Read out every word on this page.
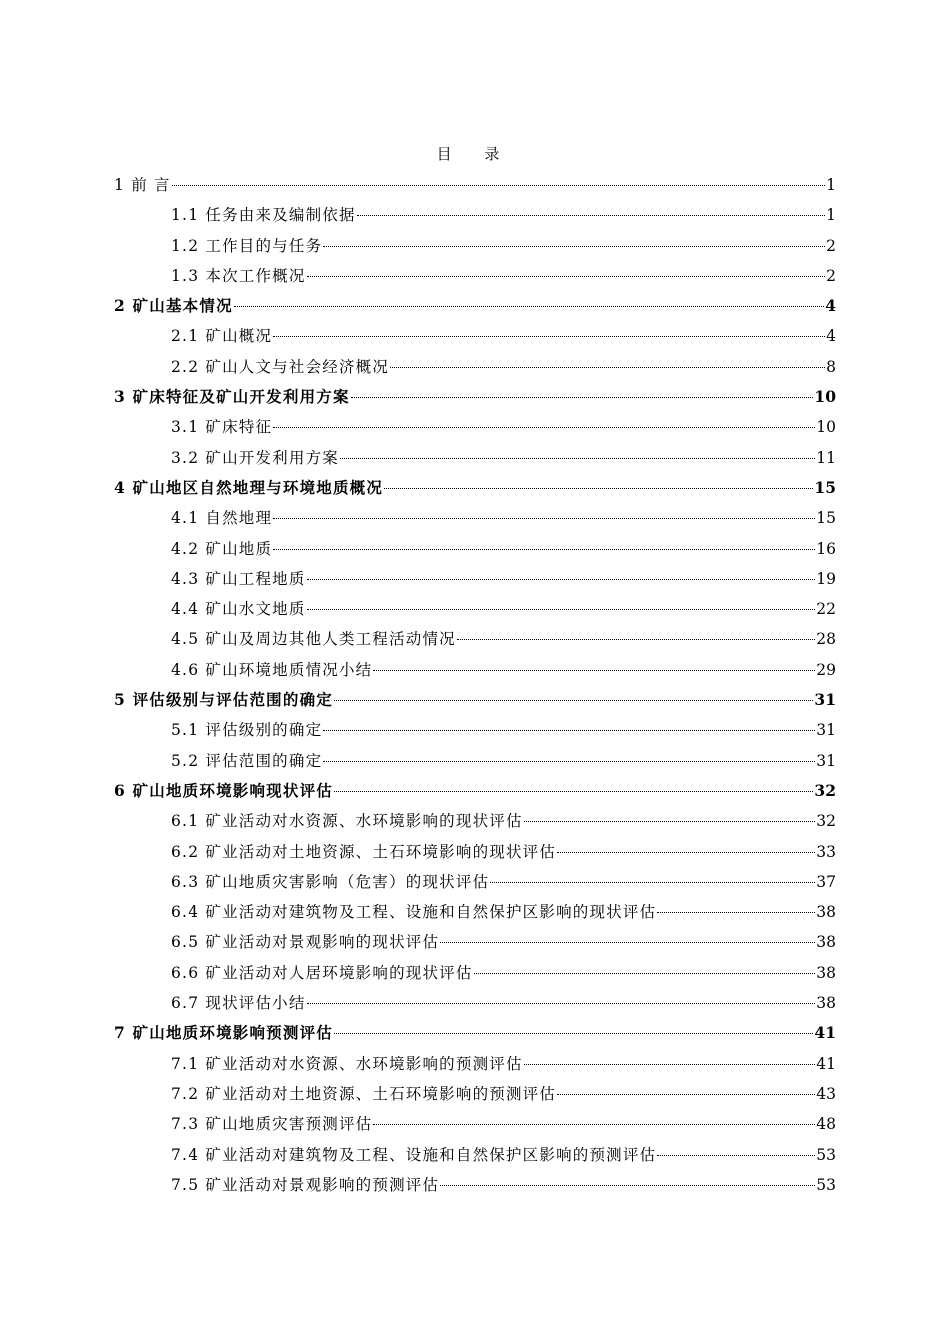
目 录
1 前 言	1
1.1 任务由来及编制依据	1
1.2 工作目的与任务	2
1.3 本次工作概况	2
2 矿山基本情况	4
2.1 矿山概况	4
2.2 矿山人文与社会经济概况	8
3 矿床特征及矿山开发利用方案	10
3.1 矿床特征	10
3.2 矿山开发利用方案	11
4 矿山地区自然地理与环境地质概况	15
4.1 自然地理	15
4.2 矿山地质	16
4.3 矿山工程地质	19
4.4 矿山水文地质	22
4.5 矿山及周边其他人类工程活动情况	28
4.6 矿山环境地质情况小结	29
5 评估级别与评估范围的确定	31
5.1 评估级别的确定	31
5.2 评估范围的确定	31
6 矿山地质环境影响现状评估	32
6.1 矿业活动对水资源、水环境影响的现状评估	32
6.2 矿业活动对土地资源、土石环境影响的现状评估	33
6.3 矿山地质灾害影响（危害）的现状评估	37
6.4 矿业活动对建筑物及工程、设施和自然保护区影响的现状评估	38
6.5 矿业活动对景观影响的现状评估	38
6.6 矿业活动对人居环境影响的现状评估	38
6.7 现状评估小结	38
7 矿山地质环境影响预测评估	41
7.1 矿业活动对水资源、水环境影响的预测评估	41
7.2 矿业活动对土地资源、土石环境影响的预测评估	43
7.3 矿山地质灾害预测评估	48
7.4 矿业活动对建筑物及工程、设施和自然保护区影响的预测评估	53
7.5 矿业活动对景观影响的预测评估	53
